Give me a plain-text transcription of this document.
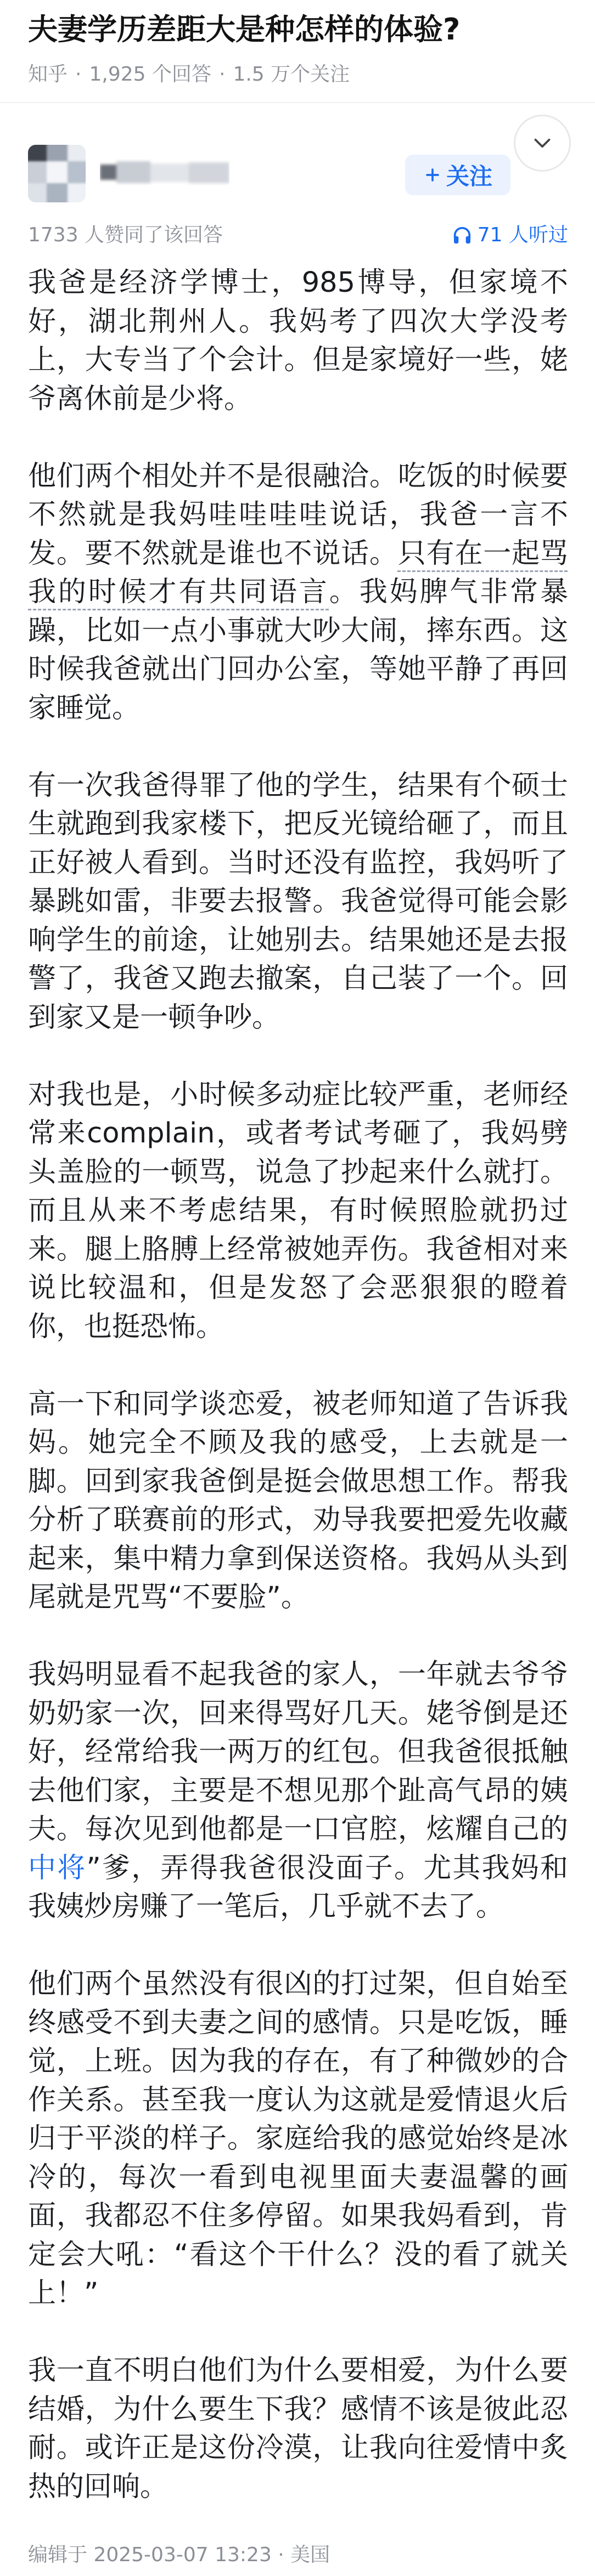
夫妻学历差距大是种怎样的体验?
知乎 · 1,925 个回答 · 1.5 万个关注
关注
1733 人赞同了该回答	71 人听过
我爸是经济学博士，985博导，但家境不
好，湖北荆州人。我妈考了四次大学没考
上，大专当了个会计。但是家境好一些，姥
爷离休前是少将。
他们两个相处并不是很融洽。吃饭的时候要
不然就是我妈哇哇哇哇说话，我爸一言不
发。要不然就是谁也不说话。只有在一起骂
我的时候才有共同语言。我妈脾气非常暴
躁，比如一点小事就大吵大闹，摔东西。这
时候我爸就出门回办公室，等她平静了再回
家睡觉。
有一次我爸得罪了他的学生，结果有个硕士
生就跑到我家楼下，把反光镜给砸了，而且
正好被人看到。当时还没有监控，我妈听了
暴跳如雷，非要去报警。我爸觉得可能会影
响学生的前途，让她别去。结果她还是去报
警了，我爸又跑去撤案，自己装了一个。回
到家又是一顿争吵。
对我也是，小时候多动症比较严重，老师经
常来complain，或者考试考砸了，我妈劈
头盖脸的一顿骂，说急了抄起来什么就打。
而且从来不考虑结果，有时候照脸就扔过
来。腿上胳膊上经常被她弄伤。我爸相对来
说比较温和，但是发怒了会恶狠狠的瞪着
你，也挺恐怖。
高一下和同学谈恋爱，被老师知道了告诉我
妈。她完全不顾及我的感受，上去就是一
脚。回到家我爸倒是挺会做思想工作。帮我
分析了联赛前的形式，劝导我要把爱先收藏
起来，集中精力拿到保送资格。我妈从头到
尾就是咒骂“不要脸”。
我妈明显看不起我爸的家人，一年就去爷爷
奶奶家一次，回来得骂好几天。姥爷倒是还
好，经常给我一两万的红包。但我爸很抵触
去他们家，主要是不想见那个趾高气昂的姨
夫。每次见到他都是一口官腔，炫耀自己的
中将”爹，弄得我爸很没面子。尤其我妈和
我姨炒房赚了一笔后，几乎就不去了。
他们两个虽然没有很凶的打过架，但自始至
终感受不到夫妻之间的感情。只是吃饭，睡
觉，上班。因为我的存在，有了种微妙的合
作关系。甚至我一度认为这就是爱情退火后
归于平淡的样子。家庭给我的感觉始终是冰
冷的，每次一看到电视里面夫妻温馨的画
面，我都忍不住多停留。如果我妈看到，肯
定会大吼：“看这个干什么？没的看了就关
上！”
我一直不明白他们为什么要相爱，为什么要
结婚，为什么要生下我？感情不该是彼此忍
耐。或许正是这份冷漠，让我向往爱情中炙
热的回响。
编辑于 2025-03-07 13:23 · 美国
